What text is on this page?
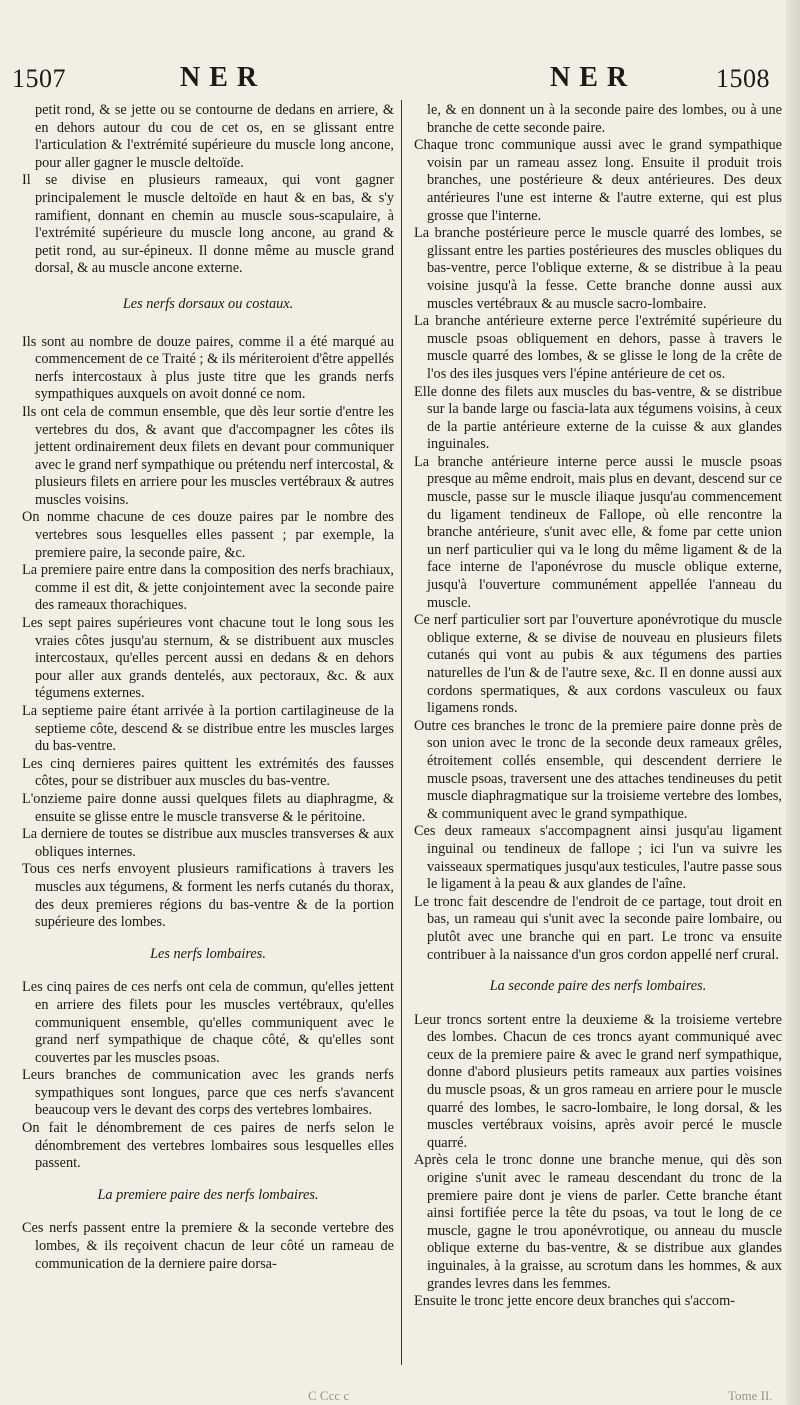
1507	NER	NER	1508

petit rond, & se jette ou se contourne de dedans en arriere, & en dehors autour du cou de cet os, en se glissant entre l'articulation & l'extrémité supérieure du muscle long ancone, pour aller gagner le muscle deltoïde.

Il se divise en plusieurs rameaux, qui vont gagner principalement le muscle deltoïde en haut & en bas, & s'y ramifient, donnant en chemin au muscle sous-scapulaire, à l'extrémité supérieure du muscle long ancone, au grand & petit rond, au sur-épineux. Il donne même au muscle grand dorsal, & au muscle ancone externe.

Les nerfs dorsaux ou costaux.

Ils sont au nombre de douze paires, comme il a été marqué au commencement de ce Traité ; & ils mériteroient d'être appellés nerfs intercostaux à plus juste titre que les grands nerfs sympathiques auxquels on avoit donné ce nom.

Ils ont cela de commun ensemble, que dès leur sortie d'entre les vertebres du dos, & avant que d'accompagner les côtes ils jettent ordinairement deux filets en devant pour communiquer avec le grand nerf sympathique ou prétendu nerf intercostal, & plusieurs filets en arriere pour les muscles vertébraux & autres muscles voisins.

On nomme chacune de ces douze paires par le nombre des vertebres sous lesquelles elles passent ; par exemple, la premiere paire, la seconde paire, &c.

La premiere paire entre dans la composition des nerfs brachiaux, comme il est dit, & jette conjointement avec la seconde paire des rameaux thorachiques.

Les sept paires supérieures vont chacune tout le long sous les vraies côtes jusqu'au sternum, & se distribuent aux muscles intercostaux, qu'elles percent aussi en dedans & en dehors pour aller aux grands dentelés, aux pectoraux, &c. & aux tégumens externes.

La septieme paire étant arrivée à la portion cartilagineuse de la septieme côte, descend & se distribue entre les muscles larges du bas-ventre.

Les cinq dernieres paires quittent les extrémités des fausses côtes, pour se distribuer aux muscles du bas-ventre.

L'onzieme paire donne aussi quelques filets au diaphragme, & ensuite se glisse entre le muscle transverse & le péritoine.

La derniere de toutes se distribue aux muscles transverses & aux obliques internes.

Tous ces nerfs envoyent plusieurs ramifications à travers les muscles aux tégumens, & forment les nerfs cutanés du thorax, des deux premieres régions du bas-ventre & de la portion supérieure des lombes.

Les nerfs lombaires.

Les cinq paires de ces nerfs ont cela de commun, qu'elles jettent en arriere des filets pour les muscles vertébraux, qu'elles communiquent ensemble, qu'elles communiquent avec le grand nerf sympathique de chaque côté, & qu'elles sont couvertes par les muscles psoas.

Leurs branches de communication avec les grands nerfs sympathiques sont longues, parce que ces nerfs s'avancent beaucoup vers le devant des corps des vertebres lombaires.

On fait le dénombrement de ces paires de nerfs selon le dénombrement des vertebres lombaires sous lesquelles elles passent.

La premiere paire des nerfs lombaires.

Ces nerfs passent entre la premiere & la seconde vertebre des lombes, & ils reçoivent chacun de leur côté un rameau de communication de la derniere paire dorsa-

le, & en donnent un à la seconde paire des lombes, ou à une branche de cette seconde paire.

Chaque tronc communique aussi avec le grand sympathique voisin par un rameau assez long. Ensuite il produit trois branches, une postérieure & deux antérieures. Des deux antérieures l'une est interne & l'autre externe, qui est plus grosse que l'interne.

La branche postérieure perce le muscle quarré des lombes, se glissant entre les parties postérieures des muscles obliques du bas-ventre, perce l'oblique externe, & se distribue à la peau voisine jusqu'à la fesse. Cette branche donne aussi aux muscles vertébraux & au muscle sacro-lombaire.

La branche antérieure externe perce l'extrémité supérieure du muscle psoas obliquement en dehors, passe à travers le muscle quarré des lombes, & se glisse le long de la crête de l'os des iles jusques vers l'épine antérieure de cet os.

Elle donne des filets aux muscles du bas-ventre, & se distribue sur la bande large ou fascia-lata aux tégumens voisins, à ceux de la partie antérieure externe de la cuisse & aux glandes inguinales.

La branche antérieure interne perce aussi le muscle psoas presque au même endroit, mais plus en devant, descend sur ce muscle, passe sur le muscle iliaque jusqu'au commencement du ligament tendineux de Fallope, où elle rencontre la branche antérieure, s'unit avec elle, & fome par cette union un nerf particulier qui va le long du même ligament & de la face interne de l'aponévrose du muscle oblique externe, jusqu'à l'ouverture communément appellée l'anneau du muscle.

Ce nerf particulier sort par l'ouverture aponévrotique du muscle oblique externe, & se divise de nouveau en plusieurs filets cutanés qui vont au pubis & aux tégumens des parties naturelles de l'un & de l'autre sexe, &c. Il en donne aussi aux cordons spermatiques, & aux cordons vasculeux ou faux ligamens ronds.

Outre ces branches le tronc de la premiere paire donne près de son union avec le tronc de la seconde deux rameaux grêles, étroitement collés ensemble, qui descendent derriere le muscle psoas, traversent une des attaches tendineuses du petit muscle diaphragmatique sur la troisieme vertebre des lombes, & communiquent avec le grand sympathique.

Ces deux rameaux s'accompagnent ainsi jusqu'au ligament inguinal ou tendineux de fallope ; ici l'un va suivre les vaisseaux spermatiques jusqu'aux testicules, l'autre passe sous le ligament à la peau & aux glandes de l'aîne.

Le tronc fait descendre de l'endroit de ce partage, tout droit en bas, un rameau qui s'unit avec la seconde paire lombaire, ou plutôt avec une branche qui en part. Le tronc va ensuite contribuer à la naissance d'un gros cordon appellé nerf crural.

La seconde paire des nerfs lombaires.

Leur troncs sortent entre la deuxieme & la troisieme vertebre des lombes. Chacun de ces troncs ayant communiqué avec ceux de la premiere paire & avec le grand nerf sympathique, donne d'abord plusieurs petits rameaux aux parties voisines du muscle psoas, & un gros rameau en arriere pour le muscle quarré des lombes, le sacro-lombaire, le long dorsal, & les muscles vertébraux voisins, après avoir percé le muscle quarré.

Après cela le tronc donne une branche menue, qui dès son origine s'unit avec le rameau descendant du tronc de la premiere paire dont je viens de parler. Cette branche étant ainsi fortifiée perce la tête du psoas, va tout le long de ce muscle, gagne le trou aponévrotique, ou anneau du muscle oblique externe du bas-ventre, & se distribue aux glandes inguinales, à la graisse, au scrotum dans les hommes, & aux grandes levres dans les femmes.

Ensuite le tronc jette encore deux branches qui s'accom-

C Ccc c	Tome II.
